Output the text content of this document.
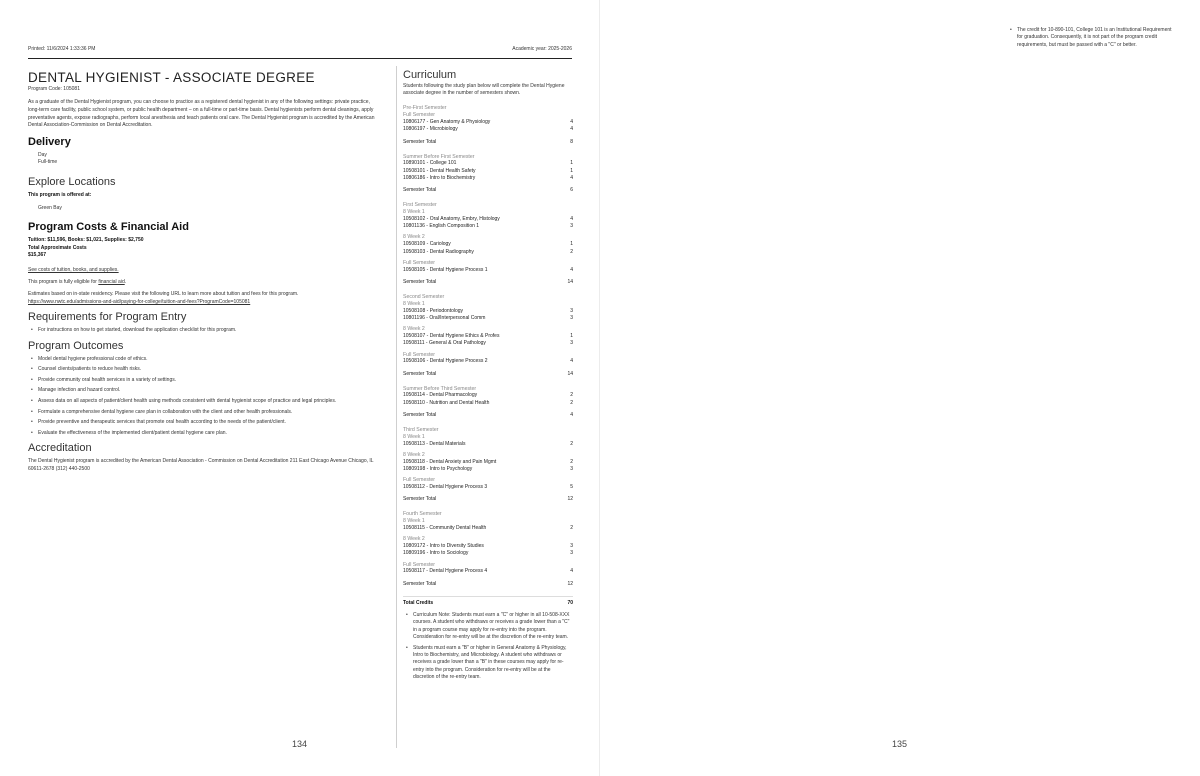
Printed: 11/6/2024 1:33:36 PM	Academic year: 2025-2026
DENTAL HYGIENIST - ASSOCIATE DEGREE
Program Code: 105081

As a graduate of the Dental Hygienist program, you can choose to practice as a registered dental hygienist in any of the following settings: private practice, long-term care facility, public school system, or public health department – on a full-time or part-time basis. Dental hygienists perform dental cleanings, apply preventative agents, expose radiographs, perform local anesthesia and teach patients oral care. The Dental Hygienist program is accredited by the American Dental Association-Commission on Dental Accreditation.

Delivery
Day
Full-time
Explore Locations
This program is offered at:
Green Bay
Program Costs & Financial Aid
Tuition: $11,596, Books: $1,021, Supplies: $2,750
Total Approximate Costs
$15,367
See costs of tuition, books, and supplies.
This program is fully eligible for financial aid.
Estimates based on in-state residency. Please visit the following URL to learn more about tuition and fees for this program.
https://www.nwtc.edu/admissions-and-aid/paying-for-college/tuition-and-fees?ProgramCode=105081
Requirements for Program Entry
• For instructions on how to get started, download the application checklist for this program.
Program Outcomes
• Model dental hygiene professional code of ethics.
• Counsel clients/patients to reduce health risks.
• Provide community oral health services in a variety of settings.
• Manage infection and hazard control.
• Assess data on all aspects of patient/client health using methods consistent with dental hygienist scope of practice and legal principles.
• Formulate a comprehensive dental hygiene care plan in collaboration with the client and other health professionals.
• Provide preventive and therapeutic services that promote oral health according to the needs of the patient/client.
• Evaluate the effectiveness of the implemented client/patient dental hygiene care plan.
Accreditation

The Dental Hygienist program is accredited by the American Dental Association - Commission on Dental Accreditation 211 East Chicago Avenue Chicago, IL 60611-2678 (312) 440-2500

Curriculum
Students following the study plan below will complete the Dental Hygiene associate degree in the number of semesters shown.
Pre-First Semester
Full Semester
10806177 - Gen Anatomy & Physiology	4
10806197 - Microbiology	4
Semester Total	8
Summer Before First Semester
10890101 - College 101	1
10508101 - Dental Health Safety	1
10806186 - Intro to Biochemistry	4
Semester Total	6
First Semester
8 Week 1
10508102 - Oral Anatomy, Embry, Histology	4
10801136 - English Composition 1	3
8 Week 2
10508109 - Cariology	1
10508103 - Dental Radiography	2
Full Semester
10508105 - Dental Hygiene Process 1	4
Semester Total	14
Second Semester
8 Week 1
10508108 - Periodontology	3
10801196 - Oral/Interpersonal Comm	3
8 Week 2
10508107 - Dental Hygiene Ethics & Profes	1
10508111 - General & Oral Pathology	3
Full Semester
10508106 - Dental Hygiene Process 2	4
Semester Total	14
Summer Before Third Semester
10508114 - Dental Pharmacology	2
10508110 - Nutrition and Dental Health	2
Semester Total	4
Third Semester
8 Week 1
10508113 - Dental Materials	2
8 Week 2
10508118 - Dental Anxiety and Pain Mgmt	2
10809198 - Intro to Psychology	3
Full Semester
10508112 - Dental Hygiene Process 3	5
Semester Total	12
Fourth Semester
8 Week 1
10508115 - Community Dental Health	2
8 Week 2
10809172 - Intro to Diversity Studies	3
10809196 - Intro to Sociology	3
Full Semester
10508117 - Dental Hygiene Process 4	4
Semester Total	12
Total Credits	70
• Curriculum Note: Students must earn a "C" or higher in all 10-508-XXX courses. A student who withdraws or receives a grade lower than a "C" in a program course may apply for re-entry into the program. Consideration for re-entry will be at the discretion of the re-entry team.
• Students must earn a "B" or higher in General Anatomy & Physiology, Intro to Biochemistry, and Microbiology. A student who withdraws or receives a grade lower than a "B" in these courses may apply for re-entry into the program. Consideration for re-entry will be at the discretion of the re-entry team.
134
• The credit for 10-890-101, College 101 is an Institutional Requirement for graduation. Consequently, it is not part of the program credit requirements, but must be passed with a "C" or better.
135
